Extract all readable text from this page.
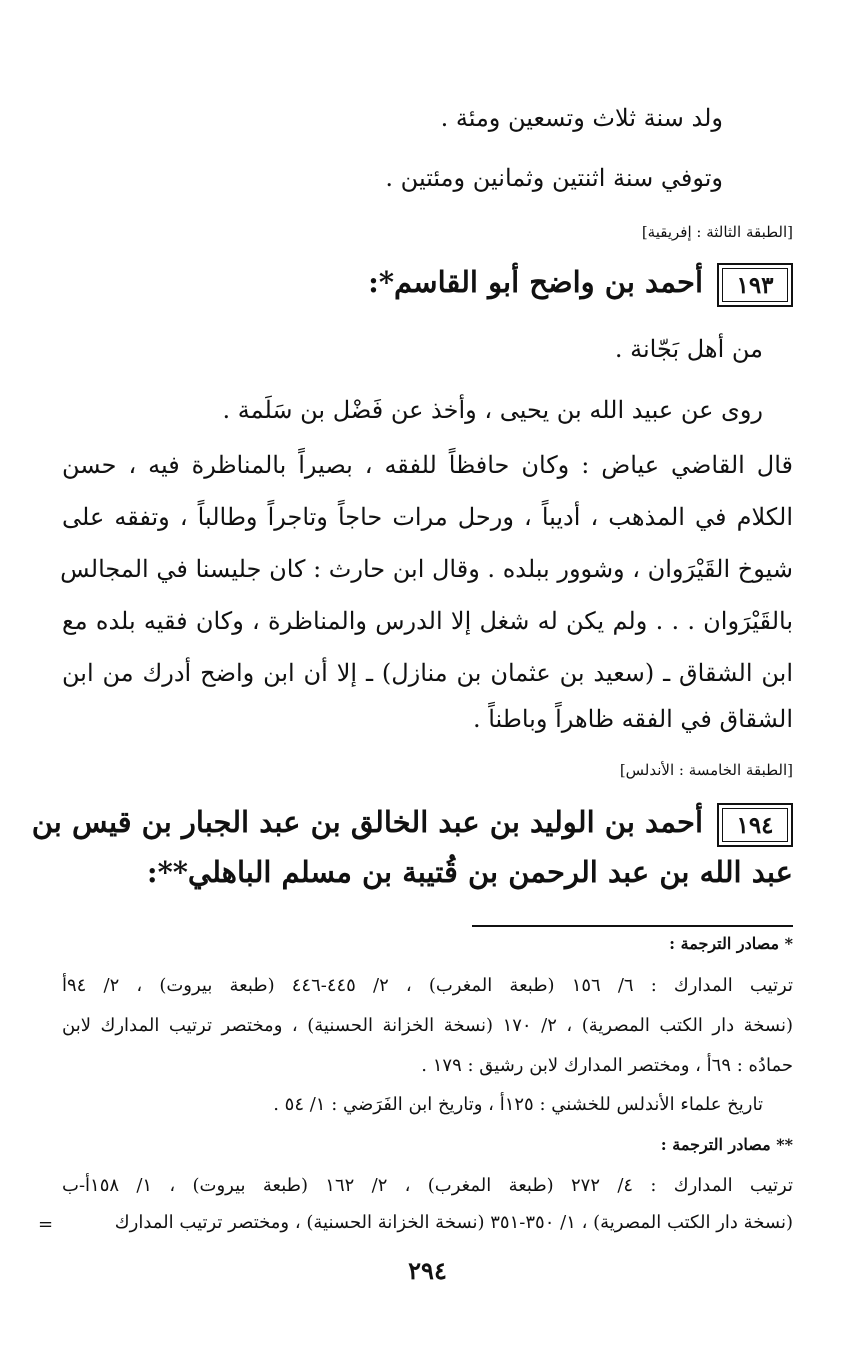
ولد سنة ثلاث وتسعين ومئة .
وتوفي سنة اثنتين وثمانين ومئتين .
[الطبقة الثالثة : إفريقية]
١٩٣
أحمد بن واضح أبو القاسم*:
من أهل بَجّانة .
روى عن عبيد الله بن يحيى ، وأخذ عن فَضْل بن سَلَمة .
قال القاضي عياض : وكان حافظاً للفقه ، بصيراً بالمناظرة فيه ، حسن
الكلام في المذهب ، أديباً ، ورحل مرات حاجاً وتاجراً وطالباً ، وتفقه على
شيوخ القَيْرَوان ، وشوور ببلده . وقال ابن حارث : كان جليسنا في المجالس
بالقَيْرَوان . . . ولم يكن له شغل إلا الدرس والمناظرة ، وكان فقيه بلده مع
ابن الشقاق ـ (سعيد بن عثمان بن منازل) ـ إلا أن ابن واضح أدرك من ابن
الشقاق في الفقه ظاهراً وباطناً .
[الطبقة الخامسة : الأندلس]
١٩٤
أحمد بن الوليد بن عبد الخالق بن عبد الجبار بن قيس بن
عبد الله بن عبد الرحمن بن قُتيبة بن مسلم الباهلي**:
* مصادر الترجمة :
ترتيب المدارك : ٦/ ١٥٦ (طبعة المغرب) ، ٢/ ٤٤٥-٤٤٦ (طبعة بيروت) ، ٢/ ٩٤أ
(نسخة دار الكتب المصرية) ، ٢/ ١٧٠ (نسخة الخزانة الحسنية) ، ومختصر ترتيب المدارك لابن
حمادُه : ٦٩أ ، ومختصر المدارك لابن رشيق : ١٧٩ .
تاريخ علماء الأندلس للخشني : ١٢٥أ ، وتاريخ ابن الفَرَضي : ١/ ٥٤ .
** مصادر الترجمة :
ترتيب المدارك : ٤/ ٢٧٢ (طبعة المغرب) ، ٢/ ١٦٢ (طبعة بيروت) ، ١/ ١٥٨أ-ب
(نسخة دار الكتب المصرية) ، ١/ ٣٥٠-٣٥١ (نسخة الخزانة الحسنية) ، ومختصر ترتيب المدارك
=
٢٩٤
